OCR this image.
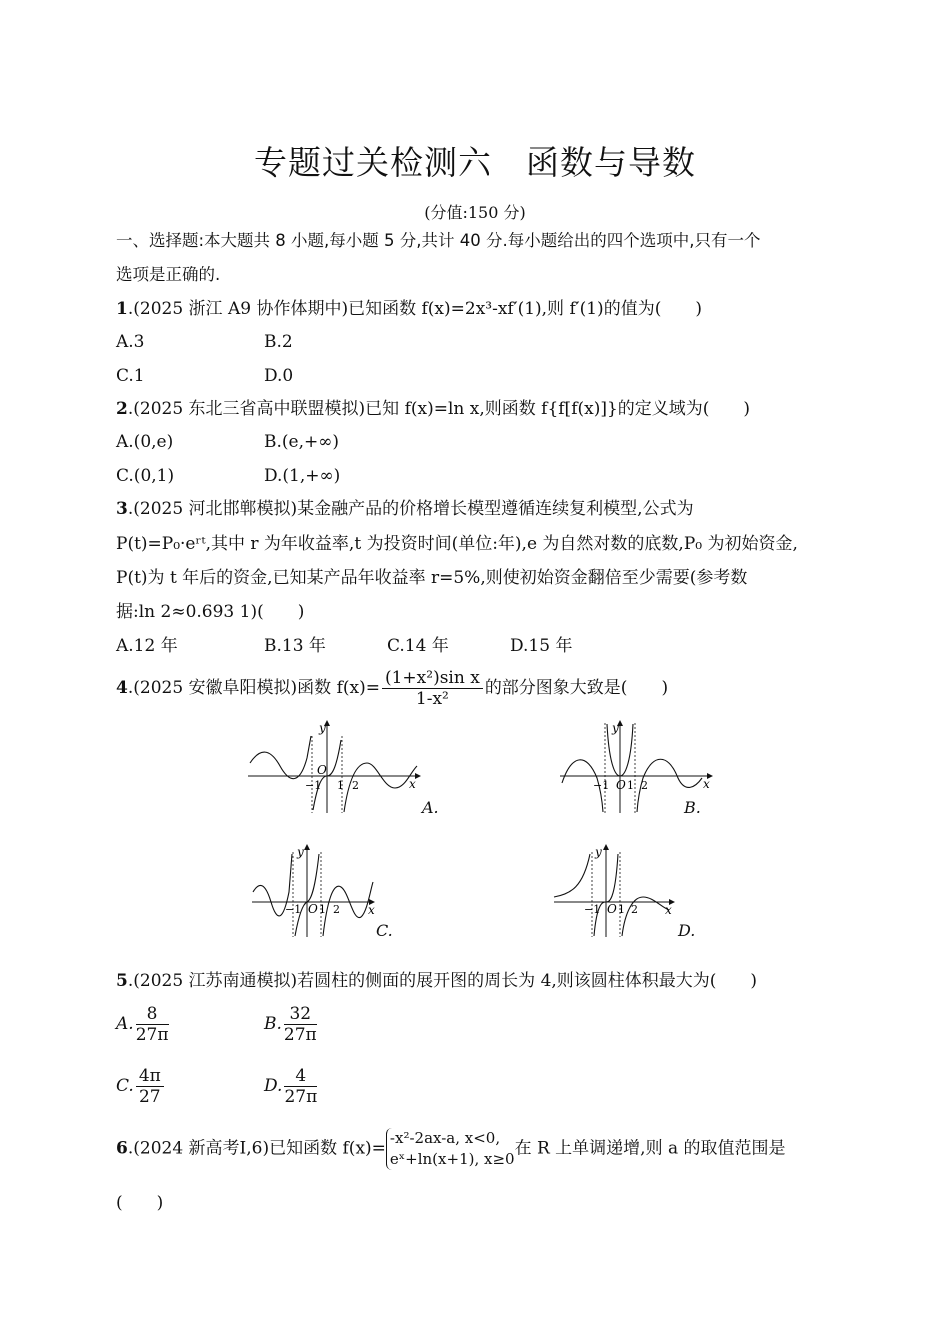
专题过关检测六　函数与导数
(分值:150 分)
一、选择题:本大题共 8 小题,每小题 5 分,共计 40 分.每小题给出的四个选项中,只有一个
选项是正确的.
1.(2025 浙江 A9 协作体期中)已知函数 f(x)=2x³-xf′(1),则 f′(1)的值为(　　)
A.3	B.2
C.1	D.0
2.(2025 东北三省高中联盟模拟)已知 f(x)=ln x,则函数 f{f[f(x)]}的定义域为(　　)
A.(0,e)	B.(e,+∞)
C.(0,1)	D.(1,+∞)
3.(2025 河北邯郸模拟)某金融产品的价格增长模型遵循连续复利模型,公式为
P(t)=P₀·eʳᵗ,其中 r 为年收益率,t 为投资时间(单位:年),e 为自然对数的底数,P₀ 为初始资金,
P(t)为 t 年后的资金,已知某产品年收益率 r=5%,则使初始资金翻倍至少需要(参考数
据:ln 2≈0.693 1)(　　)
A.12 年	B.13 年	C.14 年	D.15 年
4.(2025 安徽阜阳模拟)函数 $f(x)= \frac{\text{(1+x²)sin x}}{\text{1-x²}}$ 的部分图象大致是(　　)
y
x
O
−1 1 2
A.
y
x
O
−1 1 2
B.
y
x
O
−1 1 2
C.
y
x
O
−1 1 2
D.
5.(2025 江苏南通模拟)若圆柱的侧面的展开图的周长为 4,则该圆柱体积最大为(　　)
A. $\frac{8}{27\pi}$	B. $\frac{32}{27\pi}$
C. $\frac{4\pi}{27}$	D. $\frac{4}{27\pi}$
6.(2024 新高考Ⅰ,6)已知函数 f(x)=
-x²-2ax-a, x<0,
eˣ+ln(x+1), x≥0
在 R 上单调递增,则 a 的取值范围是
(　　)
